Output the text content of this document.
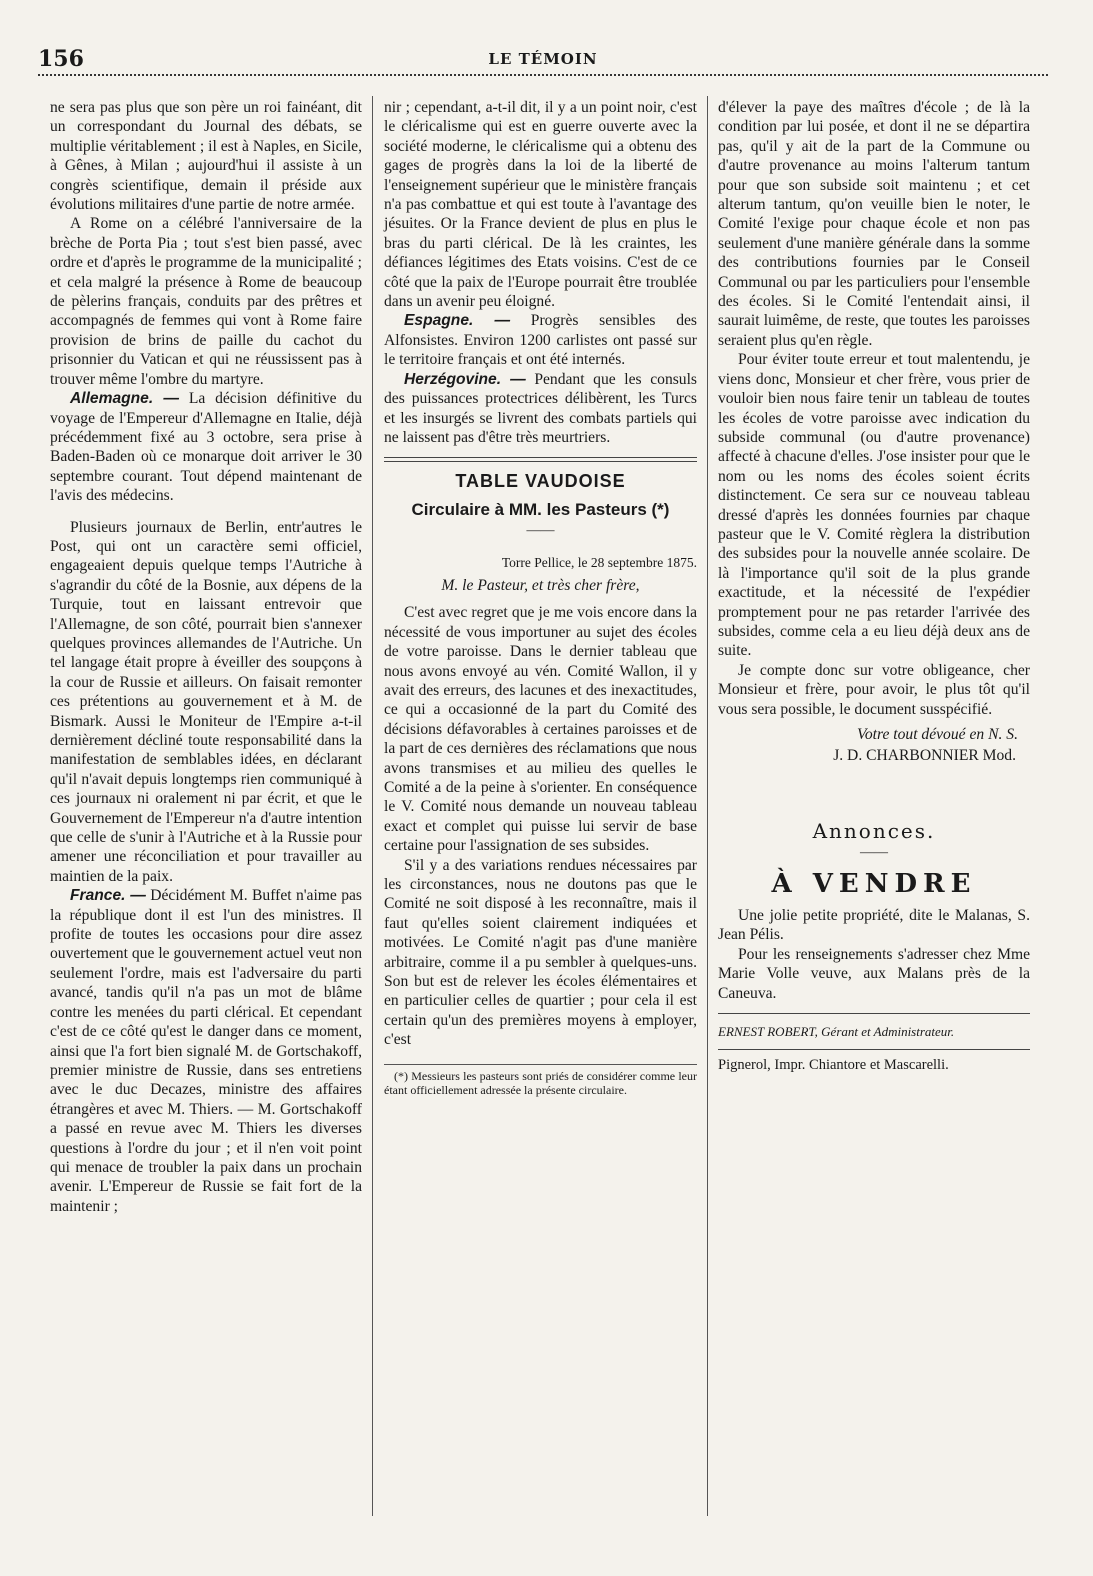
156	LE TÉMOIN

ne sera pas plus que son père un roi fainéant, dit un correspondant du Journal des débats, se multiplie véritablement ; il est à Naples, en Sicile, à Gênes, à Milan ; aujourd'hui il assiste à un congrès scientifique, demain il préside aux évolutions militaires d'une partie de notre armée.

A Rome on a célébré l'anniversaire de la brèche de Porta Pia ; tout s'est bien passé, avec ordre et d'après le programme de la municipalité ; et cela malgré la présence à Rome de beaucoup de pèlerins français, conduits par des prêtres et accompagnés de femmes qui vont à Rome faire provision de brins de paille du cachot du prisonnier du Vatican et qui ne réussissent pas à trouver même l'ombre du martyre.

Allemagne. — La décision définitive du voyage de l'Empereur d'Allemagne en Italie, déjà précédemment fixé au 3 octobre, sera prise à Baden-Baden où ce monarque doit arriver le 30 septembre courant. Tout dépend maintenant de l'avis des médecins.

Plusieurs journaux de Berlin, entr'autres le Post, qui ont un caractère semi officiel, engageaient depuis quelque temps l'Autriche à s'agrandir du côté de la Bosnie, aux dépens de la Turquie, tout en laissant entrevoir que l'Allemagne, de son côté, pourrait bien s'annexer quelques provinces allemandes de l'Autriche. Un tel langage était propre à éveiller des soupçons à la cour de Russie et ailleurs. On faisait remonter ces prétentions au gouvernement et à M. de Bismark. Aussi le Moniteur de l'Empire a-t-il dernièrement décliné toute responsabilité dans la manifestation de semblables idées, en déclarant qu'il n'avait depuis longtemps rien communiqué à ces journaux ni oralement ni par écrit, et que le Gouvernement de l'Empereur n'a d'autre intention que celle de s'unir à l'Autriche et à la Russie pour amener une réconciliation et pour travailler au maintien de la paix.

France. — Décidément M. Buffet n'aime pas la république dont il est l'un des ministres. Il profite de toutes les occasions pour dire assez ouvertement que le gouvernement actuel veut non seulement l'ordre, mais est l'adversaire du parti avancé, tandis qu'il n'a pas un mot de blâme contre les menées du parti clérical. Et cependant c'est de ce côté qu'est le danger dans ce moment, ainsi que l'a fort bien signalé M. de Gortschakoff, premier ministre de Russie, dans ses entretiens avec le duc Decazes, ministre des affaires étrangères et avec M. Thiers. — M. Gortschakoff a passé en revue avec M. Thiers les diverses questions à l'ordre du jour ; et il n'en voit point qui menace de troubler la paix dans un prochain avenir. L'Empereur de Russie se fait fort de la maintenir ;

nir ; cependant, a-t-il dit, il y a un point noir, c'est le cléricalisme qui est en guerre ouverte avec la société moderne, le cléricalisme qui a obtenu des gages de progrès dans la loi de la liberté de l'enseignement supérieur que le ministère français n'a pas combattue et qui est toute à l'avantage des jésuites. Or la France devient de plus en plus le bras du parti clérical. De là les craintes, les défiances légitimes des Etats voisins. C'est de ce côté que la paix de l'Europe pourrait être troublée dans un avenir peu éloigné.

Espagne. — Progrès sensibles des Alfonsistes. Environ 1200 carlistes ont passé sur le territoire français et ont été internés.

Herzégovine. — Pendant que les consuls des puissances protectrices délibèrent, les Turcs et les insurgés se livrent des combats partiels qui ne laissent pas d'être très meurtriers.

TABLE VAUDOISE
Circulaire à MM. les Pasteurs (*)
——
Torre Pellice, le 28 septembre 1875.
M. le Pasteur, et très cher frère,

C'est avec regret que je me vois encore dans la nécessité de vous importuner au sujet des écoles de votre paroisse. Dans le dernier tableau que nous avons envoyé au vén. Comité Wallon, il y avait des erreurs, des lacunes et des inexactitudes, ce qui a occasionné de la part du Comité des décisions défavorables à certaines paroisses et de la part de ces dernières des réclamations que nous avons transmises et au milieu des quelles le Comité a de la peine à s'orienter. En conséquence le V. Comité nous demande un nouveau tableau exact et complet qui puisse lui servir de base certaine pour l'assignation de ses subsides.

S'il y a des variations rendues nécessaires par les circonstances, nous ne doutons pas que le Comité ne soit disposé à les reconnaître, mais il faut qu'elles soient clairement indiquées et motivées. Le Comité n'agit pas d'une manière arbitraire, comme il a pu sembler à quelques-uns. Son but est de relever les écoles élémentaires et en particulier celles de quartier ; pour cela il est certain qu'un des premières moyens à employer, c'est

(*) Messieurs les pasteurs sont priés de considérer comme leur étant officiellement adressée la présente circulaire.

d'élever la paye des maîtres d'école ; de là la condition par lui posée, et dont il ne se départira pas, qu'il y ait de la part de la Commune ou d'autre provenance au moins l'alterum tantum pour que son subside soit maintenu ; et cet alterum tantum, qu'on veuille bien le noter, le Comité l'exige pour chaque école et non pas seulement d'une manière générale dans la somme des contributions fournies par le Conseil Communal ou par les particuliers pour l'ensemble des écoles. Si le Comité l'entendait ainsi, il saurait luimême, de reste, que toutes les paroisses seraient plus qu'en règle.

Pour éviter toute erreur et tout malentendu, je viens donc, Monsieur et cher frère, vous prier de vouloir bien nous faire tenir un tableau de toutes les écoles de votre paroisse avec indication du subside communal (ou d'autre provenance) affecté à chacune d'elles. J'ose insister pour que le nom ou les noms des écoles soient écrits distinctement. Ce sera sur ce nouveau tableau dressé d'après les données fournies par chaque pasteur que le V. Comité règlera la distribution des subsides pour la nouvelle année scolaire. De là l'importance qu'il soit de la plus grande exactitude, et la nécessité de l'expédier promptement pour ne pas retarder l'arrivée des subsides, comme cela a eu lieu déjà deux ans de suite.

Je compte donc sur votre obligeance, cher Monsieur et frère, pour avoir, le plus tôt qu'il vous sera possible, le document susspécifié.

Votre tout dévoué en N. S.
J. D. CHARBONNIER Mod.
Annonces.
——
À VENDRE

Une jolie petite propriété, dite le Malanas, S. Jean Pélis.

Pour les renseignements s'adresser chez Mme Marie Volle veuve, aux Malans près de la Caneuva.

ERNEST ROBERT, Gérant et Administrateur.
Pignerol, Impr. Chiantore et Mascarelli.
